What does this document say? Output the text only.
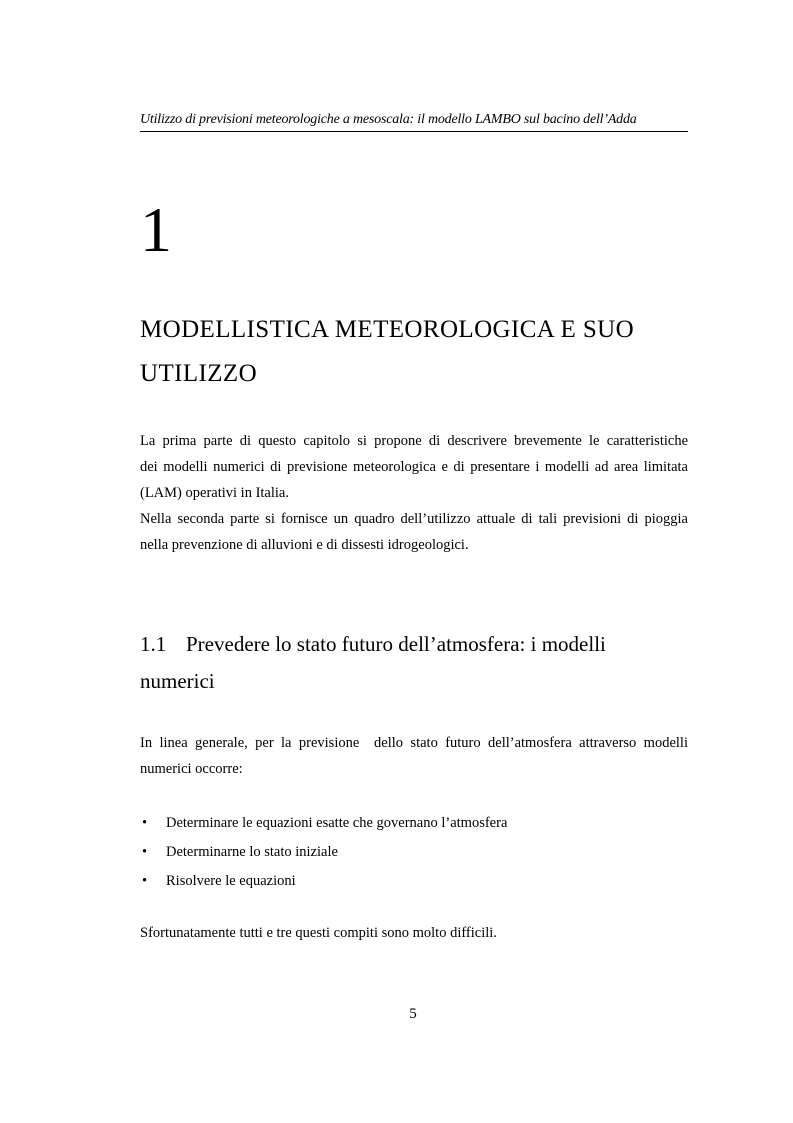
Utilizzo di previsioni meteorologiche a mesoscala: il modello LAMBO sul bacino dell’Adda
1
MODELLISTICA METEOROLOGICA E SUO
UTILIZZO

La prima parte di questo capitolo si propone di descrivere brevemente le caratteristiche
dei modelli numerici di previsione meteorologica e di presentare i modelli ad area limitata
(LAM) operativi in Italia.
Nella seconda parte si fornisce un quadro dell’utilizzo attuale di tali previsioni di pioggia
nella prevenzione di alluvioni e di dissesti idrogeologici.

1.1 Prevedere lo stato futuro dell’atmosfera: i modelli
numerici

In linea generale, per la previsione  dello stato futuro dell’atmosfera attraverso modelli
numerici occorre:

• Determinare le equazioni esatte che governano l’atmosfera
• Determinarne lo stato iniziale
• Risolvere le equazioni

Sfortunatamente tutti e tre questi compiti sono molto difficili.

5
